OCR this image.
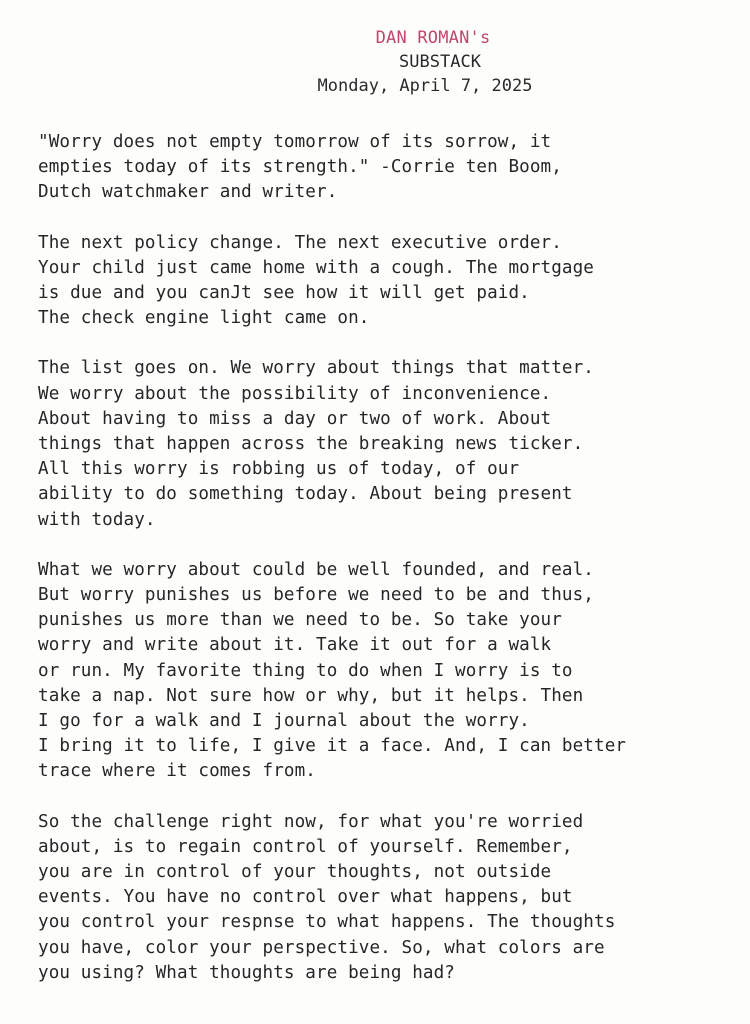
DAN ROMAN's
SUBSTACK
Monday, April 7, 2025
"Worry does not empty tomorrow of its sorrow, it
empties today of its strength." -Corrie ten Boom,
Dutch watchmaker and writer.
The next policy change. The next executive order.
Your child just came home with a cough. The mortgage
is due and you canJt see how it will get paid.
The check engine light came on.
The list goes on. We worry about things that matter.
We worry about the possibility of inconvenience.
About having to miss a day or two of work. About
things that happen across the breaking news ticker.
All this worry is robbing us of today, of our
ability to do something today. About being present
with today.
What we worry about could be well founded, and real.
But worry punishes us before we need to be and thus,
punishes us more than we need to be. So take your
worry and write about it. Take it out for a walk
or run. My favorite thing to do when I worry is to
take a nap. Not sure how or why, but it helps. Then
I go for a walk and I journal about the worry.
I bring it to life, I give it a face. And, I can better
trace where it comes from.
So the challenge right now, for what you're worried
about, is to regain control of yourself. Remember,
you are in control of your thoughts, not outside
events. You have no control over what happens, but
you control your respnse to what happens. The thoughts
you have, color your perspective. So, what colors are
you using? What thoughts are being had?
